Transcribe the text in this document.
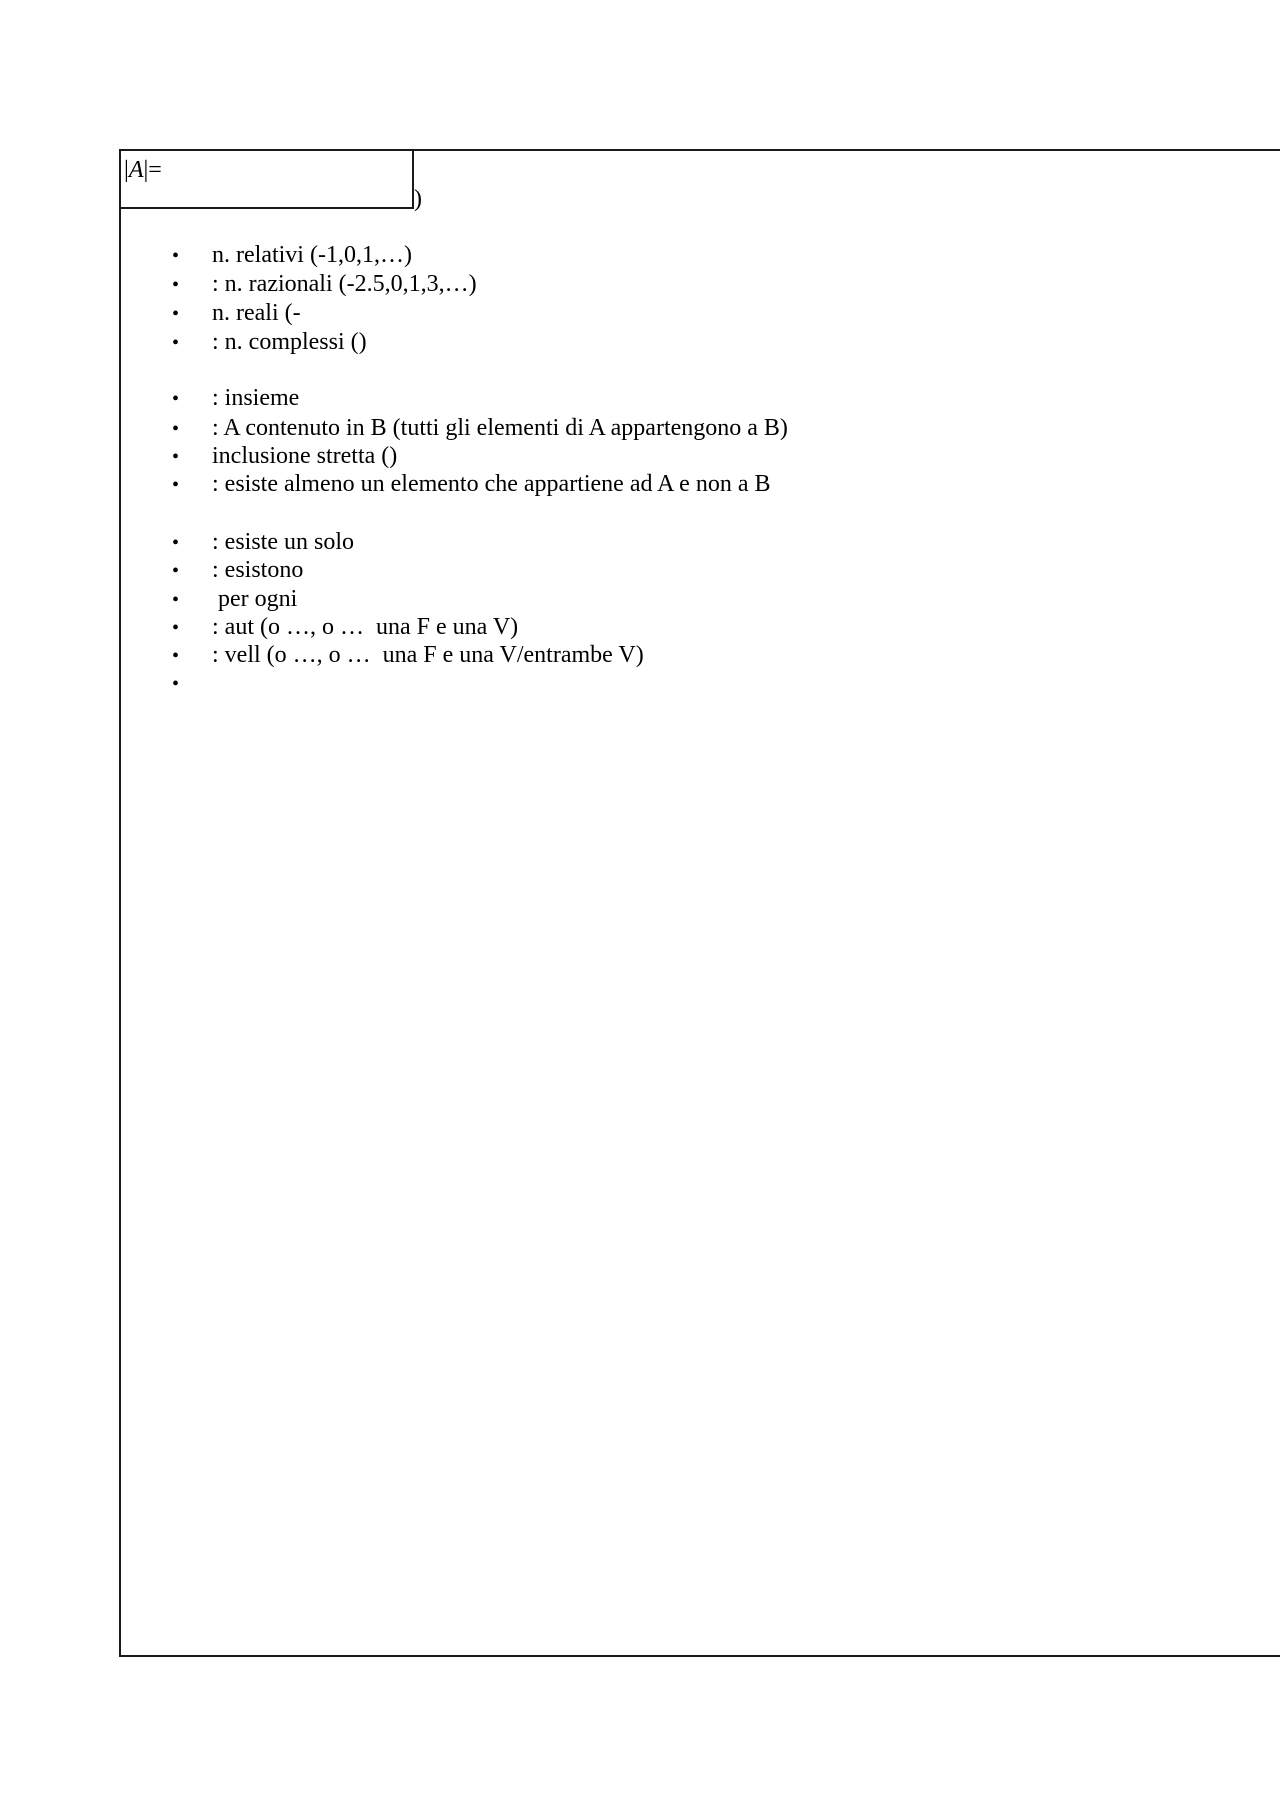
|A|=
)

• n. relativi (-1,0,1,…)

• : n. razionali (-2.5,0,1,3,…)

• n. reali (-

• : n. complessi ()

• : insieme

• : A contenuto in B (tutti gli elementi di A appartengono a B)

• inclusione stretta ()

• : esiste almeno un elemento che appartiene ad A e non a B

• : esiste un solo

• : esistono

• per ogni

• : aut (o …, o …  una F e una V)

• : vell (o …, o …  una F e una V/entrambe V)

•
